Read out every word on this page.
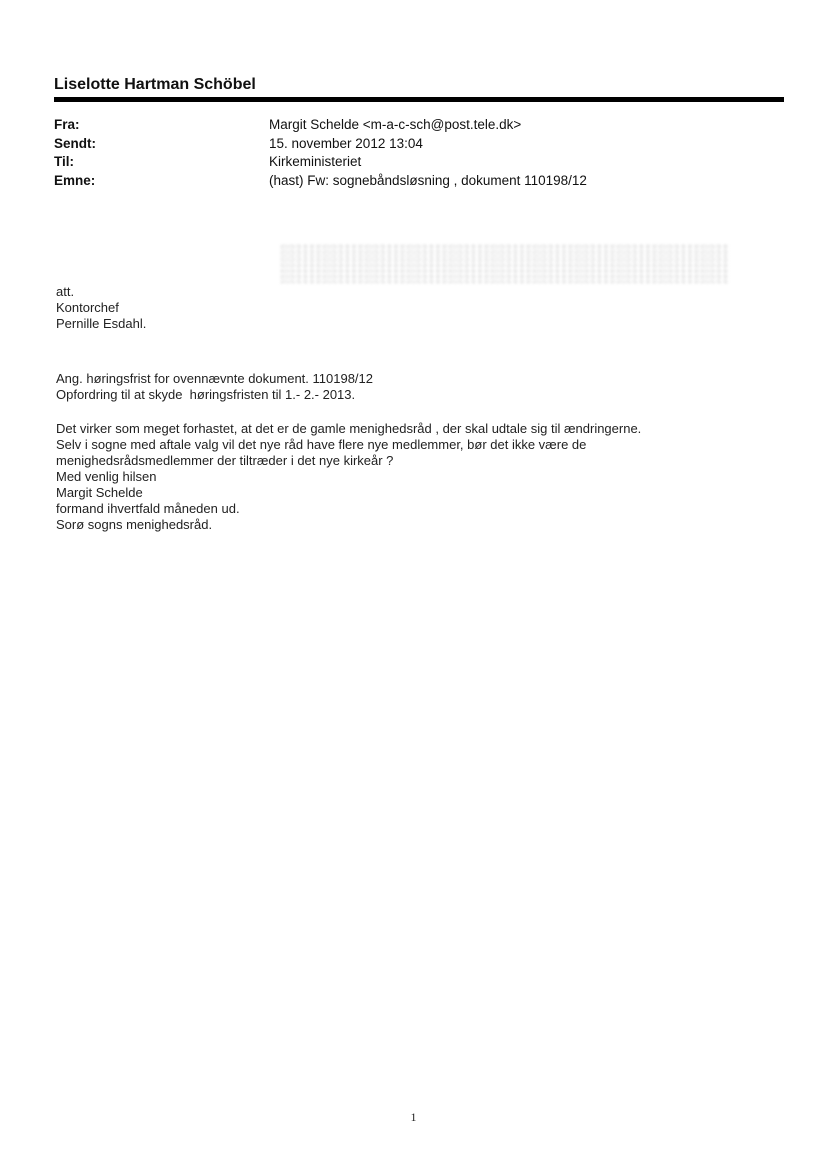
Liselotte Hartman Schöbel
Fra:	Margit Schelde <m-a-c-sch@post.tele.dk>
Sendt:	15. november 2012 13:04
Til:	Kirkeministeriet
Emne:	(hast) Fw: sognebåndsløsning , dokument 110198/12
att.
Kontorchef
Pernille Esdahl.
Ang. høringsfrist for ovennævnte dokument. 110198/12
Opfordring til at skyde  høringsfristen til 1.- 2.- 2013.
Det virker som meget forhastet, at det er de gamle menighedsråd , der skal udtale sig til ændringerne.
Selv i sogne med aftale valg vil det nye råd have flere nye medlemmer, bør det ikke være de
menighedsrådsmedlemmer der tiltræder i det nye kirkeår ?
Med venlig hilsen
Margit Schelde
formand ihvertfald måneden ud.
Sorø sogns menighedsråd.
1
